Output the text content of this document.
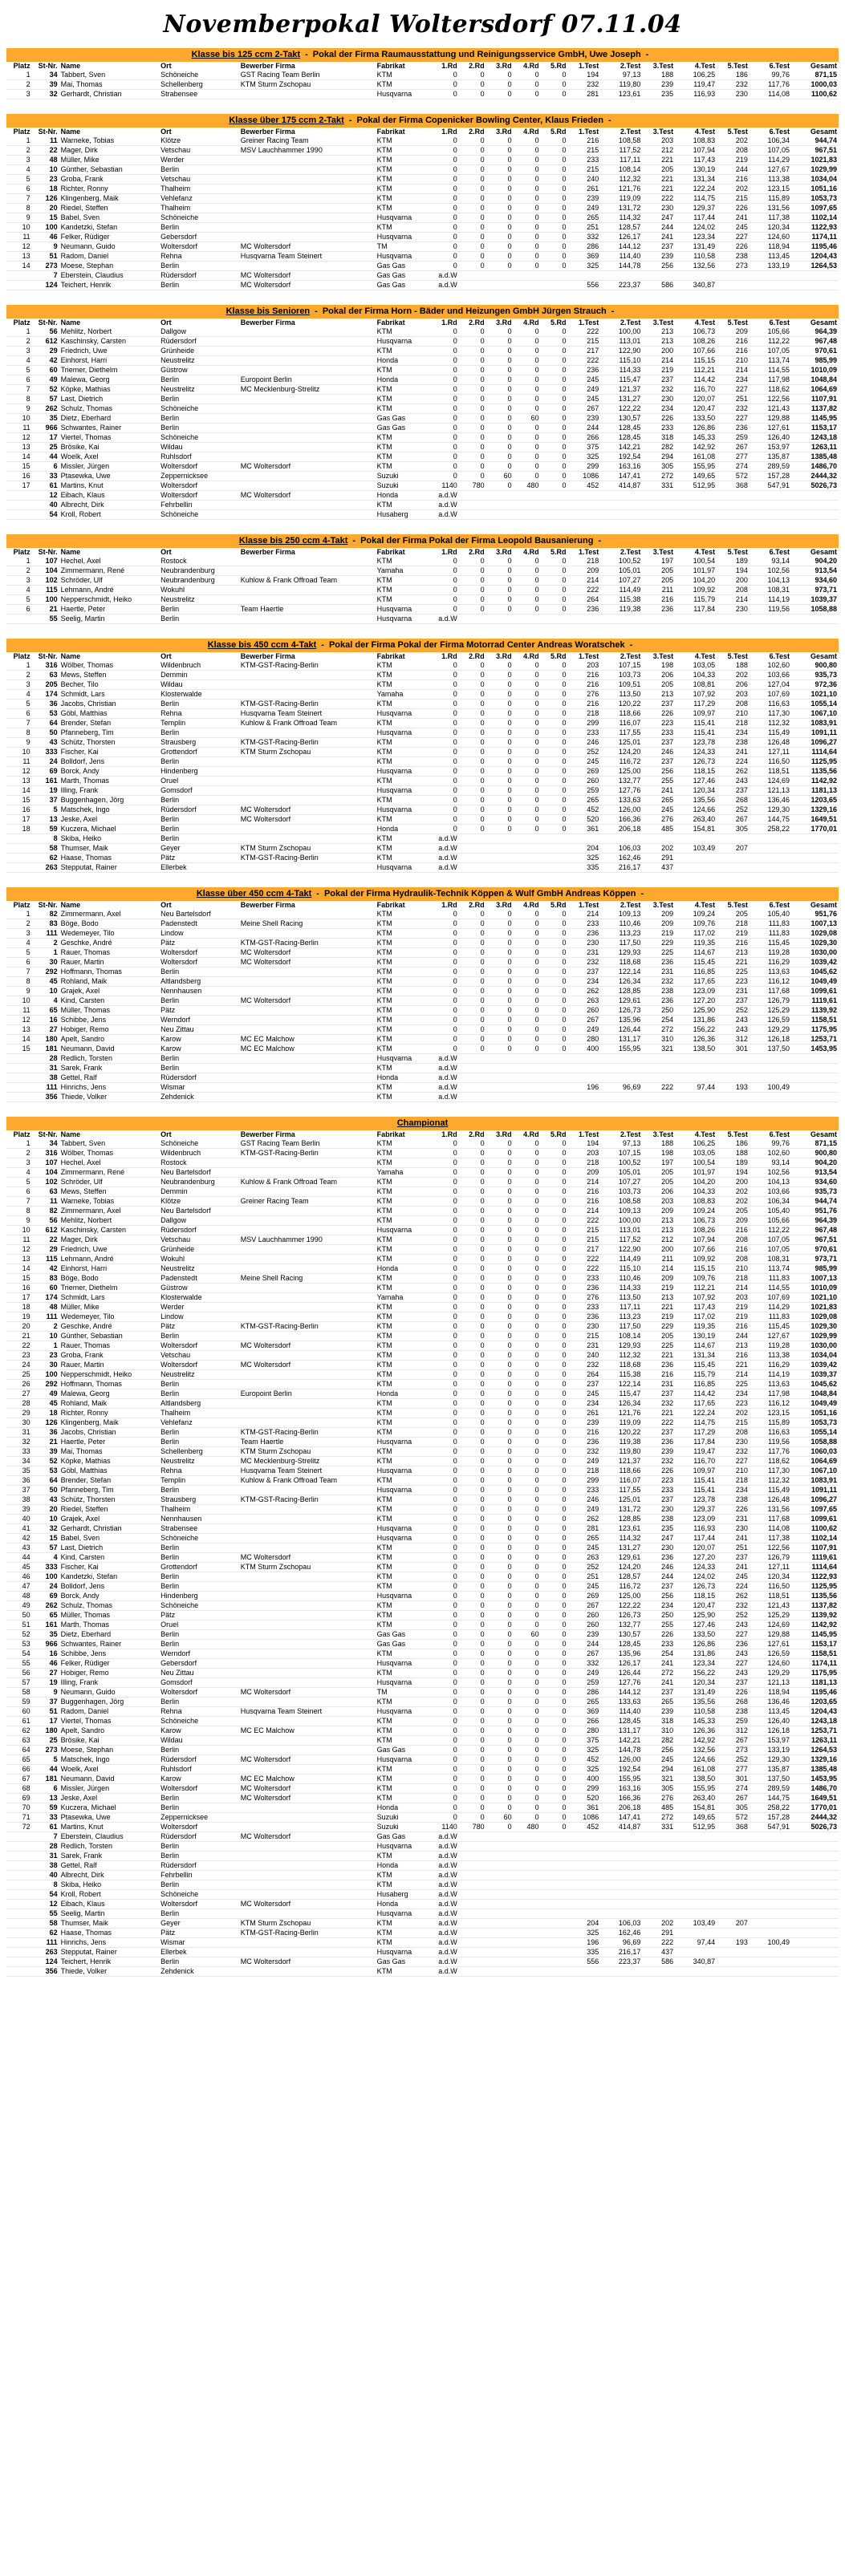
Novemberpokal Woltersdorf 07.11.04
Klasse bis 125 ccm 2-Takt - Pokal der Firma Raumausstattung und Reinigungsservice GmbH, Uwe Joseph -
Platz	St-Nr.	Name	Ort	Bewerber Firma	Fabrikat	1.Rd	2.Rd	3.Rd	4.Rd	5.Rd	1.Test	2.Test	3.Test	4.Test	5.Test	6.Test	Gesamt
1	34	Tabbert, Sven	Schöneiche	GST Racing Team Berlin	KTM	0	0	0	0	0	194	97,13	188	106,25	186	99,76	871,15
2	39	Mai, Thomas	Schellenberg	KTM Sturm Zschopau	KTM	0	0	0	0	0	232	119,80	239	119,47	232	117,76	1000,03
3	32	Gerhardt, Christian	Strabensee		Husqvarna	0	0	0	0	0	281	123,61	235	116,93	230	114,08	1100,62
Klasse über 175 ccm 2-Takt - Pokal der Firma Copenicker Bowling Center, Klaus Frieden -
Platz	St-Nr.	Name	Ort	Bewerber Firma	Fabrikat	1.Rd	2.Rd	3.Rd	4.Rd	5.Rd	1.Test	2.Test	3.Test	4.Test	5.Test	6.Test	Gesamt
1	11	Warneke, Tobias	Klötze	Greiner Racing Team	KTM	0	0	0	0	0	216	108,58	203	108,83	202	106,34	944,74
2	22	Mager, Dirk	Vetschau	MSV Lauchhammer 1990	KTM	0	0	0	0	0	215	117,52	212	107,94	208	107,05	967,51
3	48	Müller, Mike	Werder		KTM	0	0	0	0	0	233	117,11	221	117,43	219	114,29	1021,83
4	10	Günther, Sebastian	Berlin		KTM	0	0	0	0	0	215	108,14	205	130,19	244	127,67	1029,99
5	23	Groba, Frank	Vetschau		KTM	0	0	0	0	0	240	112,32	221	131,34	216	113,38	1034,04
6	18	Richter, Ronny	Thalheim		KTM	0	0	0	0	0	261	121,76	221	122,24	202	123,15	1051,16
7	126	Klingenberg, Maik	Vehlefanz		KTM	0	0	0	0	0	239	119,09	222	114,75	215	115,89	1053,73
8	20	Riedel, Steffen	Thalheim		KTM	0	0	0	0	0	249	131,72	230	129,37	226	131,56	1097,65
9	15	Babel, Sven	Schöneiche		Husqvarna	0	0	0	0	0	265	114,32	247	117,44	241	117,38	1102,14
10	100	Kandetzki, Stefan	Berlin		KTM	0	0	0	0	0	251	128,57	244	124,02	245	120,34	1122,93
11	46	Felker, Rüdiger	Gebersdorf		Husqvarna	0	0	0	0	0	332	126,17	241	123,34	227	124,60	1174,11
12	9	Neumann, Guido	Woltersdorf	MC Woltersdorf	TM	0	0	0	0	0	286	144,12	237	131,49	226	118,94	1195,46
13	51	Radom, Daniel	Rehna	Husqvarna Team Steinert	Husqvarna	0	0	0	0	0	369	114,40	239	110,58	238	113,45	1204,43
14	273	Moese, Stephan	Berlin		Gas Gas	0	0	0	0	0	325	144,78	256	132,56	273	133,19	1264,53
	7	Eberstein, Claudius	Rüdersdorf	MC Woltersdorf	Gas Gas	a.d.W											
	124	Teichert, Henrik	Berlin	MC Woltersdorf	Gas Gas	a.d.W					556	223,37	586	340,87			
Klasse bis Senioren - Pokal der Firma Horn - Bäder und Heizungen GmbH Jürgen Strauch -
Platz	St-Nr.	Name	Ort	Bewerber Firma	Fabrikat	1.Rd	2.Rd	3.Rd	4.Rd	5.Rd	1.Test	2.Test	3.Test	4.Test	5.Test	6.Test	Gesamt
1	56	Mehlitz, Norbert	Dallgow		KTM	0	0	0	0	0	222	100,00	213	106,73	209	105,66	964,39
2	612	Kaschinsky, Carsten	Rüdersdorf		Husqvarna	0	0	0	0	0	215	113,01	213	108,26	216	112,22	967,48
3	29	Friedrich, Uwe	Grünheide		KTM	0	0	0	0	0	217	122,90	200	107,66	216	107,05	970,61
4	42	Einhorst, Harri	Neustrelitz		Honda	0	0	0	0	0	222	115,10	214	115,15	210	113,74	985,99
5	60	Triemer, Diethelm	Güstrow		KTM	0	0	0	0	0	236	114,33	219	112,21	214	114,55	1010,09
6	49	Malewa, Georg	Berlin	Europoint Berlin	Honda	0	0	0	0	0	245	115,47	237	114,42	234	117,98	1048,84
7	52	Köpke, Mathias	Neustrelitz	MC Mecklenburg-Strelitz	KTM	0	0	0	0	0	249	121,37	232	116,70	227	118,62	1064,69
8	57	Last, Dietrich	Berlin		KTM	0	0	0	0	0	245	131,27	230	120,07	251	122,56	1107,91
9	262	Schulz, Thomas	Schöneiche		KTM	0	0	0	0	0	267	122,22	234	120,47	232	121,43	1137,82
10	35	Dietz, Eberhard	Berlin		Gas Gas	0	0	0	60	0	239	130,57	226	133,50	227	129,88	1145,95
11	966	Schwantes, Rainer	Berlin		Gas Gas	0	0	0	0	0	244	128,45	233	126,86	236	127,61	1153,17
12	17	Viertel, Thomas	Schöneiche		KTM	0	0	0	0	0	266	128,45	318	145,33	259	126,40	1243,18
13	25	Brösike, Kai	Wildau		KTM	0	0	0	0	0	375	142,21	282	142,92	267	153,97	1263,11
14	44	Woelk, Axel	Ruhlsdorf		KTM	0	0	0	0	0	325	192,54	294	161,08	277	135,87	1385,48
15	6	Missler, Jürgen	Woltersdorf	MC Woltersdorf	KTM	0	0	0	0	0	299	163,16	305	155,95	274	289,59	1486,70
16	33	Ptasewka, Uwe	Zeppernicksee		Suzuki	0	0	60	0	0	1086	147,41	272	149,65	572	157,28	2444,32
17	61	Martins, Knut	Woltersdorf		Suzuki	1140	780	0	480	0	452	414,87	331	512,95	368	547,91	5026,73
	12	Eibach, Klaus	Woltersdorf	MC Woltersdorf	Honda	a.d.W											
	40	Albrecht, Dirk	Fehrbellin		KTM	a.d.W											
	54	Kroll, Robert	Schöneiche		Husaberg	a.d.W											
Klasse bis 250 ccm 4-Takt - Pokal der Firma Pokal der Firma Leopold Bausanierung -
Platz	St-Nr.	Name	Ort	Bewerber Firma	Fabrikat	1.Rd	2.Rd	3.Rd	4.Rd	5.Rd	1.Test	2.Test	3.Test	4.Test	5.Test	6.Test	Gesamt
1	107	Hechel, Axel	Rostock		KTM	0	0	0	0	0	218	100,52	197	100,54	189	93,14	904,20
2	104	Zimmermann, René	Neubrandenburg		Yamaha	0	0	0	0	0	209	105,01	205	101,97	194	102,56	913,54
3	102	Schröder, Ulf	Neubrandenburg	Kuhlow & Frank Offroad Team	KTM	0	0	0	0	0	214	107,27	205	104,20	200	104,13	934,60
4	115	Lehmann, André	Wokuhl		KTM	0	0	0	0	0	222	114,49	211	109,92	208	108,31	973,71
5	100	Nepperschmidt, Heiko	Neustrelitz		KTM	0	0	0	0	0	264	115,38	216	115,79	214	114,19	1039,37
6	21	Haertle, Peter	Berlin	Team Haertle	Husqvarna	0	0	0	0	0	236	119,38	236	117,84	230	119,56	1058,88
	55	Seelig, Martin	Berlin		Husqvarna	a.d.W											
Klasse bis 450 ccm 4-Takt - Pokal der Firma Pokal der Firma Motorrad Center Andreas Woratschek -
Platz	St-Nr.	Name	Ort	Bewerber Firma	Fabrikat	1.Rd	2.Rd	3.Rd	4.Rd	5.Rd	1.Test	2.Test	3.Test	4.Test	5.Test	6.Test	Gesamt
1	316	Wölber, Thomas	Wildenbruch	KTM-GST-Racing-Berlin	KTM	0	0	0	0	0	203	107,15	198	103,05	188	102,60	900,80
2	63	Mews, Steffen	Demmin		KTM	0	0	0	0	0	216	103,73	206	104,33	202	103,66	935,73
3	205	Becher, Tilo	Wildau		KTM	0	0	0	0	0	216	109,51	205	108,81	206	127,04	972,36
4	174	Schmidt, Lars	Klosterwalde		Yamaha	0	0	0	0	0	276	113,50	213	107,92	203	107,69	1021,10
5	36	Jacobs, Christian	Berlin	KTM-GST-Racing-Berlin	KTM	0	0	0	0	0	216	120,22	237	117,29	208	116,63	1055,14
6	53	Göbl, Matthias	Rehna	Husqvarna Team Steinert	Husqvarna	0	0	0	0	0	218	118,66	226	109,97	210	117,30	1067,10
7	64	Brender, Stefan	Templin	Kuhlow & Frank Offroad Team	KTM	0	0	0	0	0	299	116,07	223	115,41	218	112,32	1083,91
8	50	Pfanneberg, Tim	Berlin		Husqvarna	0	0	0	0	0	233	117,55	233	115,41	234	115,49	1091,11
9	43	Schütz, Thorsten	Strausberg	KTM-GST-Racing-Berlin	KTM	0	0	0	0	0	246	125,01	237	123,78	238	126,48	1096,27
10	333	Fischer, Kai	Grottendorf	KTM Sturm Zschopau	KTM	0	0	0	0	0	252	124,20	246	124,33	241	127,11	1114,64
11	24	Bolldorf, Jens	Berlin		KTM	0	0	0	0	0	245	116,72	237	126,73	224	116,50	1125,95
12	69	Borck, Andy	Hindenberg		Husqvarna	0	0	0	0	0	269	125,00	256	118,15	262	118,51	1135,56
13	161	Marth, Thomas	Oruel		KTM	0	0	0	0	0	260	132,77	255	127,46	243	124,69	1142,92
14	19	Illing, Frank	Gomsdorf		Husqvarna	0	0	0	0	0	259	127,76	241	120,34	237	121,13	1181,13
15	37	Buggenhagen, Jörg	Berlin		KTM	0	0	0	0	0	265	133,63	265	135,56	268	136,46	1203,65
16	5	Matschek, Ingo	Rüdersdorf	MC Woltersdorf	Husqvarna	0	0	0	0	0	452	126,00	245	124,66	252	129,30	1329,16
17	13	Jeske, Axel	Berlin	MC Woltersdorf	KTM	0	0	0	0	0	520	166,36	276	263,40	267	144,75	1649,51
18	59	Kuczera, Michael	Berlin		Honda	0	0	0	0	0	361	206,18	485	154,81	305	258,22	1770,01
	8	Skiba, Heiko	Berlin		KTM	a.d.W											
	58	Thumser, Maik	Geyer	KTM Sturm Zschopau	KTM	a.d.W					204	106,03	202	103,49	207		
	62	Haase, Thomas	Pätz	KTM-GST-Racing-Berlin	KTM	a.d.W					325	162,46	291				
	263	Stepputat, Rainer	Ellerbek		Husqvarna	a.d.W					335	216,17	437				
Klasse über 450 ccm 4-Takt - Pokal der Firma Hydraulik-Technik Köppen & Wulf GmbH Andreas Köppen -
Platz	St-Nr.	Name	Ort	Bewerber Firma	Fabrikat	1.Rd	2.Rd	3.Rd	4.Rd	5.Rd	1.Test	2.Test	3.Test	4.Test	5.Test	6.Test	Gesamt
1	82	Zimmermann, Axel	Neu Bartelsdorf		KTM	0	0	0	0	0	214	109,13	209	109,24	205	105,40	951,76
2	83	Böge, Bodo	Padenstedt	Meine Shell Racing	KTM	0	0	0	0	0	233	110,46	209	109,76	218	111,83	1007,13
3	111	Wedemeyer, Tilo	Lindow		KTM	0	0	0	0	0	236	113,23	219	117,02	219	111,83	1029,08
4	2	Geschke, André	Pätz	KTM-GST-Racing-Berlin	KTM	0	0	0	0	0	230	117,50	229	119,35	216	115,45	1029,30
5	1	Rauer, Thomas	Woltersdorf	MC Woltersdorf	KTM	0	0	0	0	0	231	129,93	225	114,67	213	119,28	1030,00
6	30	Rauer, Martin	Woltersdorf	MC Woltersdorf	KTM	0	0	0	0	0	232	118,68	236	115,45	221	116,29	1039,42
7	292	Hoffmann, Thomas	Berlin		KTM	0	0	0	0	0	237	122,14	231	116,85	225	113,63	1045,62
8	45	Rohland, Maik	Altlandsberg		KTM	0	0	0	0	0	234	126,34	232	117,65	223	116,12	1049,49
9	10	Grajek, Axel	Nennhausen		KTM	0	0	0	0	0	262	128,85	238	123,09	231	117,68	1099,61
10	4	Kind, Carsten	Berlin	MC Woltersdorf	KTM	0	0	0	0	0	263	129,61	236	127,20	237	126,79	1119,61
11	65	Müller, Thomas	Pätz		KTM	0	0	0	0	0	260	126,73	250	125,90	252	125,29	1139,92
12	16	Schibbe, Jens	Werndorf		KTM	0	0	0	0	0	267	135,96	254	131,86	243	126,59	1158,51
13	27	Hobiger, Remo	Neu Zittau		KTM	0	0	0	0	0	249	126,44	272	156,22	243	129,29	1175,95
14	180	Apelt, Sandro	Karow	MC EC Malchow	KTM	0	0	0	0	0	280	131,17	310	126,36	312	126,18	1253,71
15	181	Neumann, David	Karow	MC EC Malchow	KTM	0	0	0	0	0	400	155,95	321	138,50	301	137,50	1453,95
	28	Redlich, Torsten	Berlin		Husqvarna	a.d.W											
	31	Sarek, Frank	Berlin		KTM	a.d.W											
	38	Gettel, Ralf	Rüdersdorf		Honda	a.d.W											
	111	Hinrichs, Jens	Wismar		KTM	a.d.W					196	96,69	222	97,44	193	100,49	
	356	Thiede, Volker	Zehdenick		KTM	a.d.W											
Championat
Platz	St-Nr.	Name	Ort	Bewerber Firma	Fabrikat	1.Rd	2.Rd	3.Rd	4.Rd	5.Rd	1.Test	2.Test	3.Test	4.Test	5.Test	6.Test	Gesamt
1	34	Tabbert, Sven	Schöneiche	GST Racing Team Berlin	KTM	0	0	0	0	0	194	97,13	188	106,25	186	99,76	871,15
2	316	Wölber, Thomas	Wildenbruch	KTM-GST-Racing-Berlin	KTM	0	0	0	0	0	203	107,15	198	103,05	188	102,60	900,80
3	107	Hechel, Axel	Rostock		KTM	0	0	0	0	0	218	100,52	197	100,54	189	93,14	904,20
4	104	Zimmermann, René	Neu Bartelsdorf		Yamaha	0	0	0	0	0	209	105,01	205	101,97	194	102,56	913,54
5	102	Schröder, Ulf	Neubrandenburg	Kuhlow & Frank Offroad Team	KTM	0	0	0	0	0	214	107,27	205	104,20	200	104,13	934,60
6	63	Mews, Steffen	Demmin		KTM	0	0	0	0	0	216	103,73	206	104,33	202	103,66	935,73
7	11	Warneke, Tobias	Klötze	Greiner Racing Team	KTM	0	0	0	0	0	216	108,58	203	108,83	202	106,34	944,74
8	82	Zimmermann, Axel	Neu Bartelsdorf		KTM	0	0	0	0	0	214	109,13	209	109,24	205	105,40	951,76
9	56	Mehlitz, Norbert	Dallgow		KTM	0	0	0	0	0	222	100,00	213	106,73	209	105,66	964,39
10	612	Kaschinsky, Carsten	Rüdersdorf		Husqvarna	0	0	0	0	0	215	113,01	213	108,26	216	112,22	967,48
11	22	Mager, Dirk	Vetschau	MSV Lauchhammer 1990	KTM	0	0	0	0	0	215	117,52	212	107,94	208	107,05	967,51
12	29	Friedrich, Uwe	Grünheide		KTM	0	0	0	0	0	217	122,90	200	107,66	216	107,05	970,61
13	115	Lehmann, André	Wokuhl		KTM	0	0	0	0	0	222	114,49	211	109,92	208	108,31	973,71
14	42	Einhorst, Harri	Neustrelitz		Honda	0	0	0	0	0	222	115,10	214	115,15	210	113,74	985,99
15	83	Böge, Bodo	Padenstedt	Meine Shell Racing	KTM	0	0	0	0	0	233	110,46	209	109,76	218	111,83	1007,13
16	60	Triemer, Diethelm	Güstrow		KTM	0	0	0	0	0	236	114,33	219	112,21	214	114,55	1010,09
17	174	Schmidt, Lars	Klosterwalde		Yamaha	0	0	0	0	0	276	113,50	213	107,92	203	107,69	1021,10
18	48	Müller, Mike	Werder		KTM	0	0	0	0	0	233	117,11	221	117,43	219	114,29	1021,83
19	111	Wedemeyer, Tilo	Lindow		KTM	0	0	0	0	0	236	113,23	219	117,02	219	111,83	1029,08
20	2	Geschke, André	Pätz	KTM-GST-Racing-Berlin	KTM	0	0	0	0	0	230	117,50	229	119,35	216	115,45	1029,30
21	10	Günther, Sebastian	Berlin		KTM	0	0	0	0	0	215	108,14	205	130,19	244	127,67	1029,99
22	1	Rauer, Thomas	Woltersdorf	MC Woltersdorf	KTM	0	0	0	0	0	231	129,93	225	114,67	213	119,28	1030,00
23	23	Groba, Frank	Vetschau		KTM	0	0	0	0	0	240	112,32	221	131,34	216	113,38	1034,04
24	30	Rauer, Martin	Woltersdorf	MC Woltersdorf	KTM	0	0	0	0	0	232	118,68	236	115,45	221	116,29	1039,42
25	100	Nepperschmidt, Heiko	Neustrelitz		KTM	0	0	0	0	0	264	115,38	216	115,79	214	114,19	1039,37
26	292	Hoffmann, Thomas	Berlin		KTM	0	0	0	0	0	237	122,14	231	116,85	225	113,63	1045,62
27	49	Malewa, Georg	Berlin	Europoint Berlin	Honda	0	0	0	0	0	245	115,47	237	114,42	234	117,98	1048,84
28	45	Rohland, Maik	Altlandsberg		KTM	0	0	0	0	0	234	126,34	232	117,65	223	116,12	1049,49
29	18	Richter, Ronny	Thalheim		KTM	0	0	0	0	0	261	121,76	221	122,24	202	123,15	1051,16
30	126	Klingenberg, Maik	Vehlefanz		KTM	0	0	0	0	0	239	119,09	222	114,75	215	115,89	1053,73
31	36	Jacobs, Christian	Berlin	KTM-GST-Racing-Berlin	KTM	0	0	0	0	0	216	120,22	237	117,29	208	116,63	1055,14
32	21	Haertle, Peter	Berlin	Team Haertle	Husqvarna	0	0	0	0	0	236	119,38	236	117,84	230	119,56	1058,88
33	39	Mai, Thomas	Schellenberg	KTM Sturm Zschopau	KTM	0	0	0	0	0	232	119,80	239	119,47	232	117,76	1060,03
34	52	Köpke, Mathias	Neustrelitz	MC Mecklenburg-Strelitz	KTM	0	0	0	0	0	249	121,37	232	116,70	227	118,62	1064,69
35	53	Göbl, Matthias	Rehna	Husqvarna Team Steinert	Husqvarna	0	0	0	0	0	218	118,66	226	109,97	210	117,30	1067,10
36	64	Brender, Stefan	Templin	Kuhlow & Frank Offroad Team	KTM	0	0	0	0	0	299	116,07	223	115,41	218	112,32	1083,91
37	50	Pfanneberg, Tim	Berlin		Husqvarna	0	0	0	0	0	233	117,55	233	115,41	234	115,49	1091,11
38	43	Schütz, Thorsten	Strausberg	KTM-GST-Racing-Berlin	KTM	0	0	0	0	0	246	125,01	237	123,78	238	126,48	1096,27
39	20	Riedel, Steffen	Thalheim		KTM	0	0	0	0	0	249	131,72	230	129,37	226	131,56	1097,65
40	10	Grajek, Axel	Nennhausen		KTM	0	0	0	0	0	262	128,85	238	123,09	231	117,68	1099,61
41	32	Gerhardt, Christian	Strabensee		Husqvarna	0	0	0	0	0	281	123,61	235	116,93	230	114,08	1100,62
42	15	Babel, Sven	Schöneiche		Husqvarna	0	0	0	0	0	265	114,32	247	117,44	241	117,38	1102,14
43	57	Last, Dietrich	Berlin		KTM	0	0	0	0	0	245	131,27	230	120,07	251	122,56	1107,91
44	4	Kind, Carsten	Berlin	MC Woltersdorf	KTM	0	0	0	0	0	263	129,61	236	127,20	237	126,79	1119,61
45	333	Fischer, Kai	Grottendorf	KTM Sturm Zschopau	KTM	0	0	0	0	0	252	124,20	246	124,33	241	127,11	1114,64
46	100	Kandetzki, Stefan	Berlin		KTM	0	0	0	0	0	251	128,57	244	124,02	245	120,34	1122,93
47	24	Bolldorf, Jens	Berlin		KTM	0	0	0	0	0	245	116,72	237	126,73	224	116,50	1125,95
48	69	Borck, Andy	Hindenberg		Husqvarna	0	0	0	0	0	269	125,00	256	118,15	262	118,51	1135,56
49	262	Schulz, Thomas	Schöneiche		KTM	0	0	0	0	0	267	122,22	234	120,47	232	121,43	1137,82
50	65	Müller, Thomas	Pätz		KTM	0	0	0	0	0	260	126,73	250	125,90	252	125,29	1139,92
51	161	Marth, Thomas	Oruel		KTM	0	0	0	0	0	260	132,77	255	127,46	243	124,69	1142,92
52	35	Dietz, Eberhard	Berlin		Gas Gas	0	0	0	60	0	239	130,57	226	133,50	227	129,88	1145,95
53	966	Schwantes, Rainer	Berlin		Gas Gas	0	0	0	0	0	244	128,45	233	126,86	236	127,61	1153,17
54	16	Schibbe, Jens	Werndorf		KTM	0	0	0	0	0	267	135,96	254	131,86	243	126,59	1158,51
55	46	Felker, Rüdiger	Gebersdorf		Husqvarna	0	0	0	0	0	332	126,17	241	123,34	227	124,60	1174,11
56	27	Hobiger, Remo	Neu Zittau		KTM	0	0	0	0	0	249	126,44	272	156,22	243	129,29	1175,95
57	19	Illing, Frank	Gomsdorf		Husqvarna	0	0	0	0	0	259	127,76	241	120,34	237	121,13	1181,13
58	9	Neumann, Guido	Woltersdorf	MC Woltersdorf	TM	0	0	0	0	0	286	144,12	237	131,49	226	118,94	1195,46
59	37	Buggenhagen, Jörg	Berlin		KTM	0	0	0	0	0	265	133,63	265	135,56	268	136,46	1203,65
60	51	Radom, Daniel	Rehna	Husqvarna Team Steinert	Husqvarna	0	0	0	0	0	369	114,40	239	110,58	238	113,45	1204,43
61	17	Viertel, Thomas	Schöneiche		KTM	0	0	0	0	0	266	128,45	318	145,33	259	126,40	1243,18
62	180	Apelt, Sandro	Karow	MC EC Malchow	KTM	0	0	0	0	0	280	131,17	310	126,36	312	126,18	1253,71
63	25	Brösike, Kai	Wildau		KTM	0	0	0	0	0	375	142,21	282	142,92	267	153,97	1263,11
64	273	Moese, Stephan	Berlin		Gas Gas	0	0	0	0	0	325	144,78	256	132,56	273	133,19	1264,53
65	5	Matschek, Ingo	Rüdersdorf	MC Woltersdorf	Husqvarna	0	0	0	0	0	452	126,00	245	124,66	252	129,30	1329,16
66	44	Woelk, Axel	Ruhlsdorf		KTM	0	0	0	0	0	325	192,54	294	161,08	277	135,87	1385,48
67	181	Neumann, David	Karow	MC EC Malchow	KTM	0	0	0	0	0	400	155,95	321	138,50	301	137,50	1453,95
68	6	Missler, Jürgen	Woltersdorf	MC Woltersdorf	KTM	0	0	0	0	0	299	163,16	305	155,95	274	289,59	1486,70
69	13	Jeske, Axel	Berlin	MC Woltersdorf	KTM	0	0	0	0	0	520	166,36	276	263,40	267	144,75	1649,51
70	59	Kuczera, Michael	Berlin		Honda	0	0	0	0	0	361	206,18	485	154,81	305	258,22	1770,01
71	33	Ptasewka, Uwe	Zeppernicksee		Suzuki	0	0	60	0	0	1086	147,41	272	149,65	572	157,28	2444,32
72	61	Martins, Knut	Woltersdorf		Suzuki	1140	780	0	480	0	452	414,87	331	512,95	368	547,91	5026,73
	7	Eberstein, Claudius	Rüdersdorf	MC Woltersdorf	Gas Gas	a.d.W											
	28	Redlich, Torsten	Berlin		Husqvarna	a.d.W											
	31	Sarek, Frank	Berlin		KTM	a.d.W											
	38	Gettel, Ralf	Rüdersdorf		Honda	a.d.W											
	40	Albrecht, Dirk	Fehrbellin		KTM	a.d.W											
	8	Skiba, Heiko	Berlin		KTM	a.d.W											
	54	Kroll, Robert	Schöneiche		Husaberg	a.d.W											
	12	Eibach, Klaus	Woltersdorf	MC Woltersdorf	Honda	a.d.W											
	55	Seelig, Martin	Berlin		Husqvarna	a.d.W											
	58	Thumser, Maik	Geyer	KTM Sturm Zschopau	KTM	a.d.W					204	106,03	202	103,49	207		
	62	Haase, Thomas	Pätz	KTM-GST-Racing-Berlin	KTM	a.d.W					325	162,46	291				
	111	Hinrichs, Jens	Wismar		KTM	a.d.W					196	96,69	222	97,44	193	100,49	
	263	Stepputat, Rainer	Ellerbek		Husqvarna	a.d.W					335	216,17	437				
	124	Teichert, Henrik	Berlin	MC Woltersdorf	Gas Gas	a.d.W					556	223,37	586	340,87			
	356	Thiede, Volker	Zehdenick		KTM	a.d.W											
